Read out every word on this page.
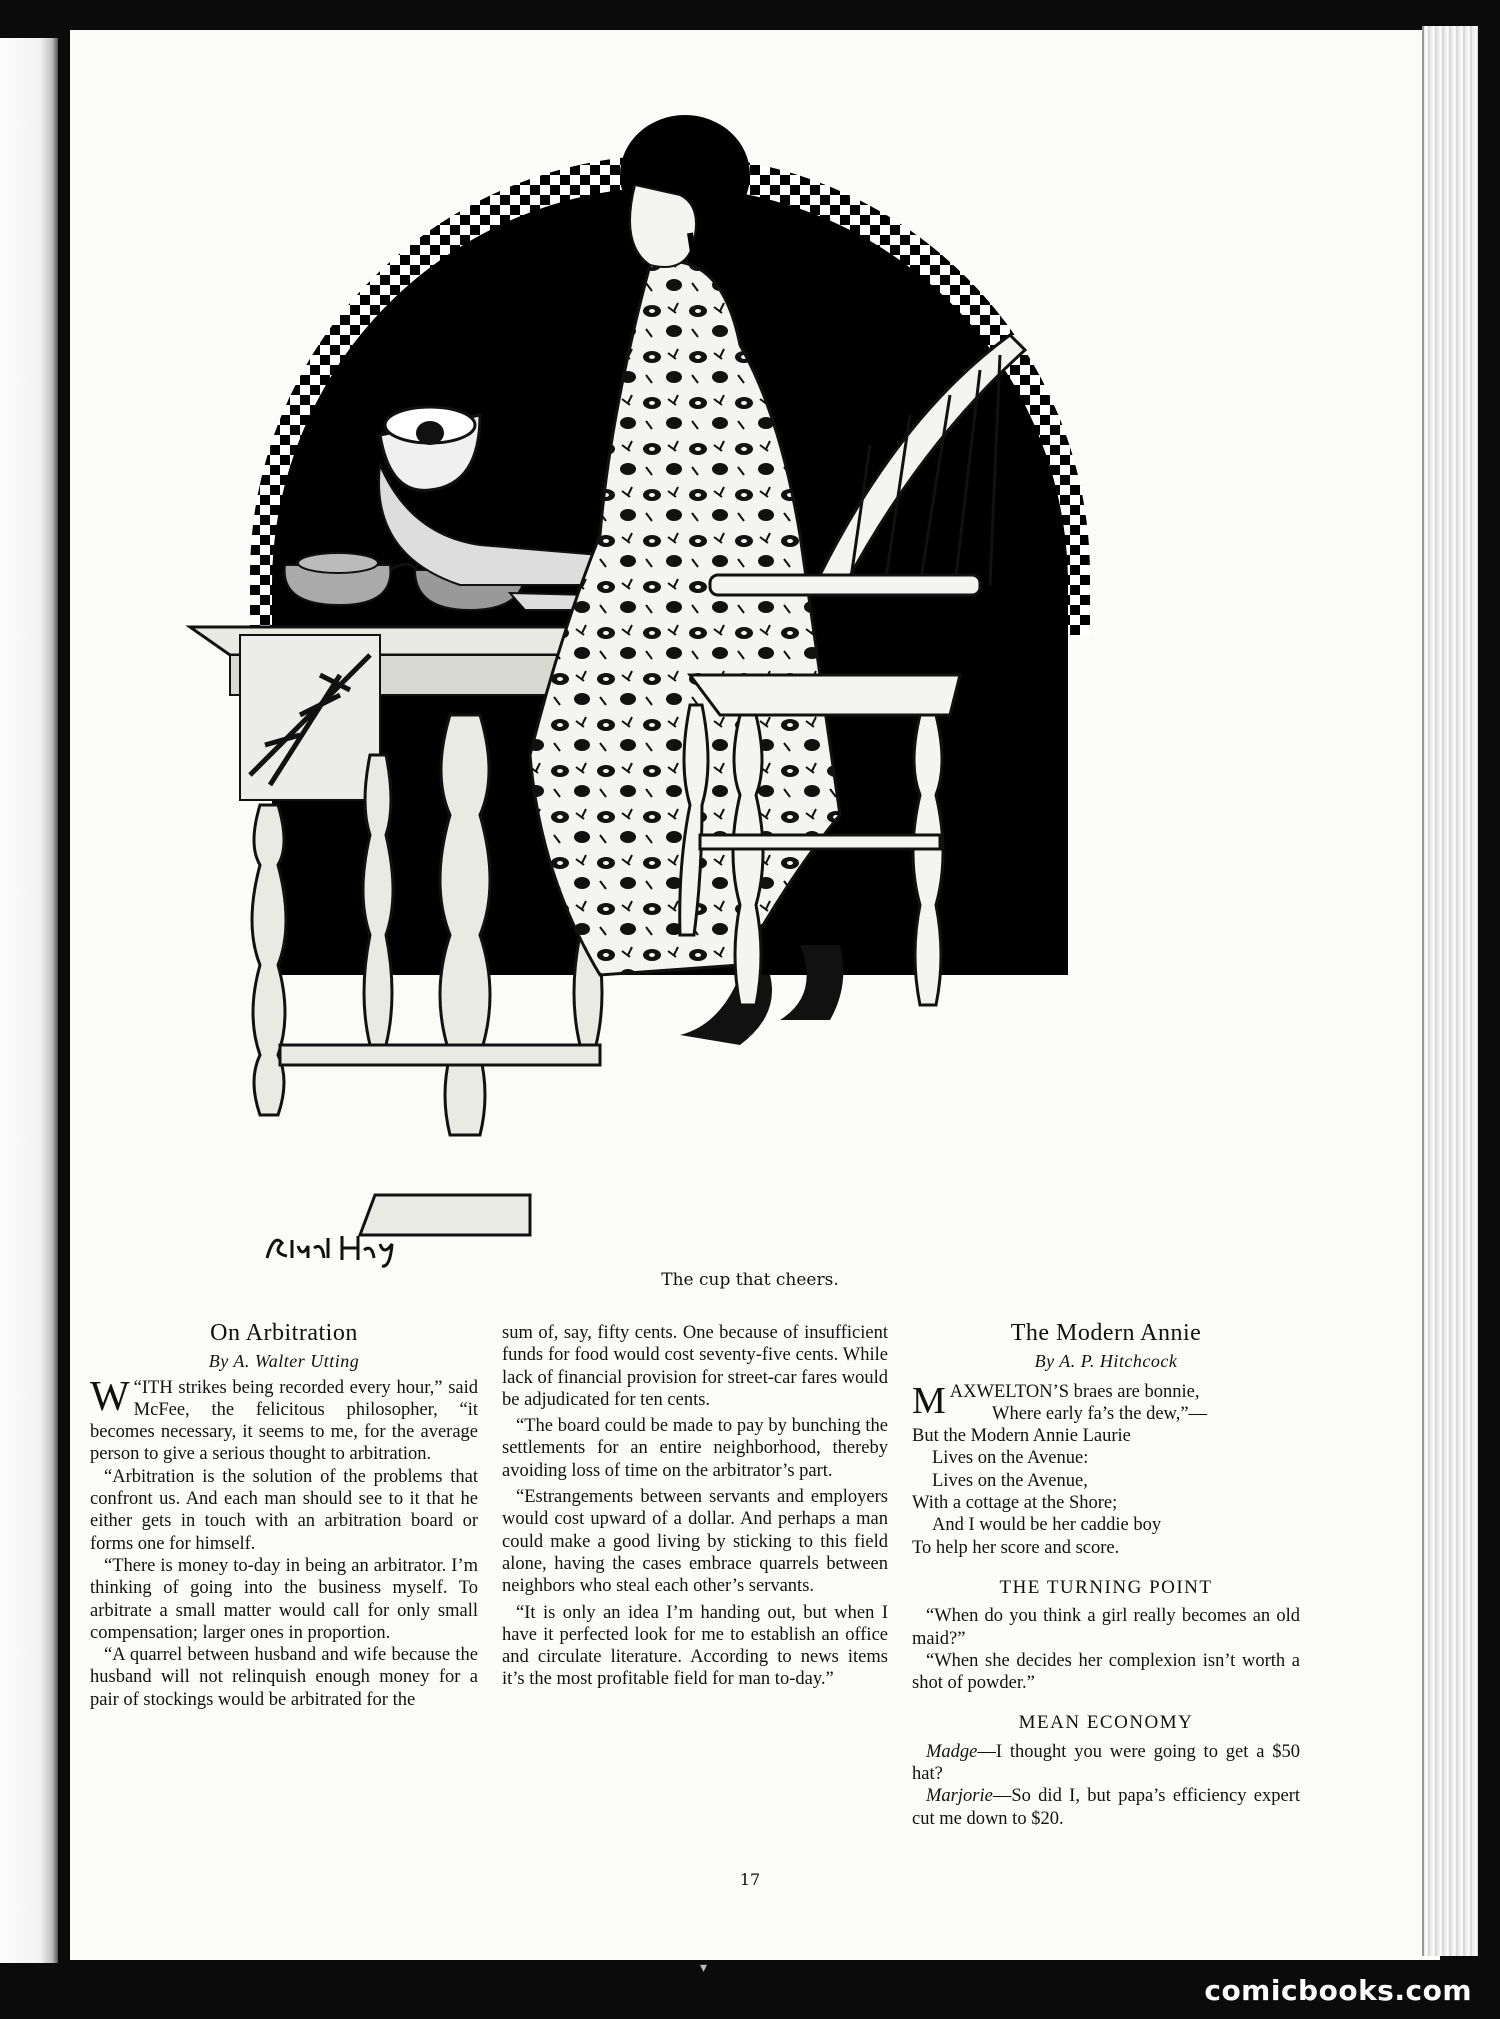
The cup that cheers.
On Arbitration
By A. Walter Utting

“
W ITH strikes being recorded every hour,” said McFee, the felicitous philosopher, “it becomes necessary, it seems to me, for the average person to give a serious thought to arbitration.

“Arbitration is the solution of the problems that confront us. And each man should see to it that he either gets in touch with an arbitration board or forms one for himself.

“There is money to-day in being an arbitrator. I’m thinking of going into the business myself. To arbitrate a small matter would call for only small compensation; larger ones in proportion.

“A quarrel between husband and wife because the husband will not relinquish enough money for a pair of stockings would be arbitrated for the

sum of, say, fifty cents. One because of insufficient funds for food would cost seventy-five cents. While lack of financial provision for street-car fares would be adjudicated for ten cents.

“The board could be made to pay by bunching the settlements for an entire neighborhood, thereby avoiding loss of time on the arbitrator’s part.

“Estrangements between servants and employers would cost upward of a dollar. And perhaps a man could make a good living by sticking to this field alone, having the cases embrace quarrels between neighbors who steal each other’s servants.

“It is only an idea I’m handing out, but when I have it perfected look for me to establish an office and circulate literature. According to news items it’s the most profitable field for man to-day.”

The Modern Annie
By A. P. Hitchcock
MAXWELTON’S braes are bonnie,
Where early fa’s the dew,”—
But the Modern Annie Laurie
Lives on the Avenue:
Lives on the Avenue,
With a cottage at the Shore;
And I would be her caddie boy
To help her score and score.
THE TURNING POINT

“When do you think a girl really becomes an old maid?”

“When she decides her complexion isn’t worth a shot of powder.”

MEAN ECONOMY

Madge—I thought you were going to get a $50 hat?

Marjorie—So did I, but papa’s efficiency expert cut me down to $20.

17
▾
comicbooks.com
